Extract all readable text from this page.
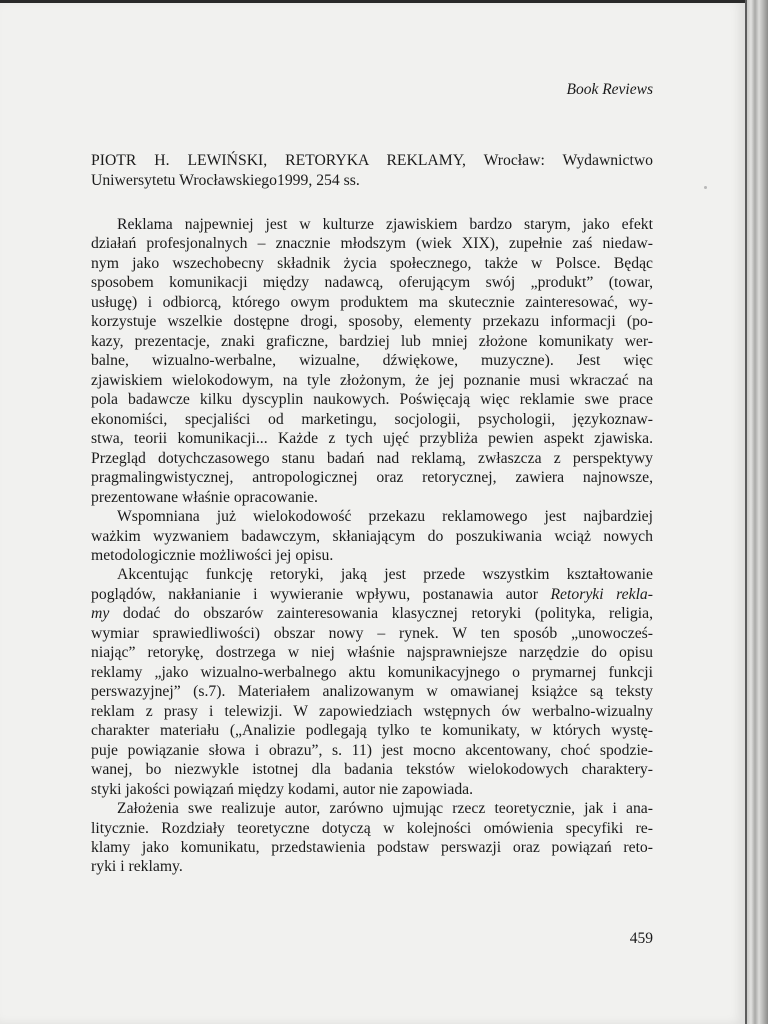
Book Reviews
PIOTR H. LEWIŃSKI, RETORYKA REKLAMY, Wrocław: Wydawnictwo
Uniwersytetu Wrocławskiego1999, 254 ss.
Reklama najpewniej jest w kulturze zjawiskiem bardzo starym, jako efekt
działań profesjonalnych – znacznie młodszym (wiek XIX), zupełnie zaś niedaw-
nym jako wszechobecny składnik życia społecznego, także w Polsce. Będąc
sposobem komunikacji między nadawcą, oferującym swój „produkt” (towar,
usługę) i odbiorcą, którego owym produktem ma skutecznie zainteresować, wy-
korzystuje wszelkie dostępne drogi, sposoby, elementy przekazu informacji (po-
kazy, prezentacje, znaki graficzne, bardziej lub mniej złożone komunikaty wer-
balne, wizualno-werbalne, wizualne, dźwiękowe, muzyczne). Jest więc
zjawiskiem wielokodowym, na tyle złożonym, że jej poznanie musi wkraczać na
pola badawcze kilku dyscyplin naukowych. Poświęcają więc reklamie swe prace
ekonomiści, specjaliści od marketingu, socjologii, psychologii, językoznaw-
stwa, teorii komunikacji... Każde z tych ujęć przybliża pewien aspekt zjawiska.
Przegląd dotychczasowego stanu badań nad reklamą, zwłaszcza z perspektywy
pragmalingwistycznej, antropologicznej oraz retorycznej, zawiera najnowsze,
prezentowane właśnie opracowanie.
Wspomniana już wielokodowość przekazu reklamowego jest najbardziej
ważkim wyzwaniem badawczym, skłaniającym do poszukiwania wciąż nowych
metodologicznie możliwości jej opisu.
Akcentując funkcję retoryki, jaką jest przede wszystkim kształtowanie
poglądów, nakłanianie i wywieranie wpływu, postanawia autor Retoryki rekla-
my dodać do obszarów zainteresowania klasycznej retoryki (polityka, religia,
wymiar sprawiedliwości) obszar nowy – rynek. W ten sposób „unowocześ-
niając” retorykę, dostrzega w niej właśnie najsprawniejsze narzędzie do opisu
reklamy „jako wizualno-werbalnego aktu komunikacyjnego o prymarnej funkcji
perswazyjnej” (s.7). Materiałem analizowanym w omawianej książce są teksty
reklam z prasy i telewizji. W zapowiedziach wstępnych ów werbalno-wizualny
charakter materiału („Analizie podlegają tylko te komunikaty, w których wystę-
puje powiązanie słowa i obrazu”, s. 11) jest mocno akcentowany, choć spodzie-
wanej, bo niezwykle istotnej dla badania tekstów wielokodowych charaktery-
styki jakości powiązań między kodami, autor nie zapowiada.
Założenia swe realizuje autor, zarówno ujmując rzecz teoretycznie, jak i ana-
litycznie. Rozdziały teoretyczne dotyczą w kolejności omówienia specyfiki re-
klamy jako komunikatu, przedstawienia podstaw perswazji oraz powiązań reto-
ryki i reklamy.
459
